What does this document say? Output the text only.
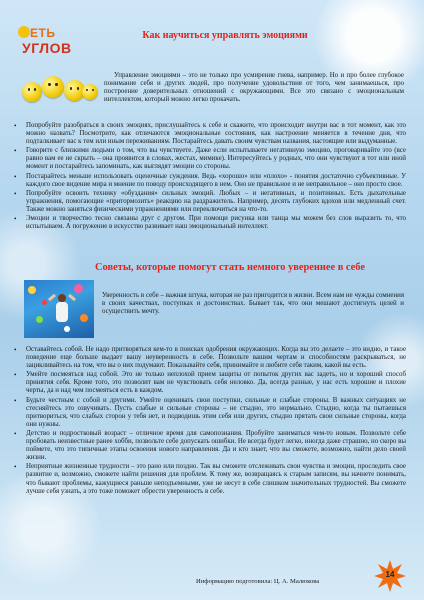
ЕТЬ
УГЛОВ
Как научиться управлять эмоциями

Управление эмоциями – это не только про усмирение гнева, например. Но и про более глубокое понимание себя и других людей, про получение удовольствия от того, чем занимаешься, про построение доверительных отношений с окружающими. Все это связано с эмоциональным интеллектом, который можно легко прокачать.

• Попробуйте разобраться в своих эмоциях, прислушайтесь к себе и скажите, что происходит внутри вас в тот момент, как это можно назвать? Посмотрите, как отличаются эмоциональные состояния, как настроение меняется в течение дня, что подталкивает вас к тем или иным переживаниям. Постарайтесь давать своим чувствам названия, настоящие или выдуманные.
• Говорите с близкими людьми о том, что вы чувствуете. Даже если испытываете негативную эмоцию, проговаривайте это (все равно вам ее не скрыть – она проявится в словах, жестах, мимике). Интересуйтесь у родных, что они чувствуют в тот или иной момент и постарайтесь запоминать, как выглядят эмоции со стороны.
• Постарайтесь меньше использовать оценочные суждения. Ведь «хорошо» или «плохо» - понятия достаточно субъективные. У каждого свое видение мира и мнение по поводу происходящего в нем. Оно не правильное и не неправильное – оно просто свое.
• Попробуйте освоить технику «обуздания» сильных эмоций. Любых – и негативных, и позитивных. Есть дыхательные упражнения, помогающие «притормозить» реакцию на раздражитель. Например, десять глубоких вдохов или медленный счет. Также можно заняться физическими упражнениями или переключиться на что-то.
• Эмоции и творчество тесно связаны друг с другом. При помощи рисунка или танца мы можем без слов выразить то, что испытываем. А погружение в искусство развивает наш эмоциональный интеллект.
Советы, которые помогут стать немного увереннее в себе

Уверенность в себе – важная штука, которая не раз пригодится в жизни. Всем нам не чужды сомнения в своих качествах, поступках и достоинствах. Бывает так, что они мешают достигнуть целей и осуществить мечту.

• Оставайтесь собой. Не надо притворяться кем-то в поисках одобрения окружающих. Когда вы это делаете – это видно, и такое поведение еще больше выдает вашу неуверенность в себе. Позвольте вашим чертам и способностям раскрываться, не зацикливайтесь на том, что вы о них подумают. Показывайте себя, принимайте и любите себя таким, какой вы есть.
• Умейте посмеяться над собой. Это не только неплохой прием защиты от попыток других вас задеть, но и хороший способ принятия себя. Кроме того, это позволит вам не чувствовать себя неловко. Да, всегда разные, у нас есть хорошие и плохие черты, да и над чем посмеяться есть в каждом.
• Будьте честным с собой и другими. Умейте оценивать свои поступки, сильные и слабые стороны. В важных ситуациях не стесняйтесь это озвучивать. Пусть слабые и сильные стороны – не стыдно, это нормально. Стыдно, когда ты пытаешься притвориться, что слабых сторон у тебя нет, и подводишь этим себя или других, стыдно прятать свои сильные стороны, когда они нужны.
• Детство и подростковый возраст – отличное время для самопознания. Пробуйте заниматься чем-то новым. Позвольте себе пробовать неизвестные ранее хобби, позвольте себе допускать ошибки. Не всегда будет легко, иногда даже страшно, но скоро вы поймете, что это типичные этапы освоения нового направления. Да и кто знает, что вы сможете, возможно, найти дело своей жизни.
• Неприятные жизненные трудности – это рано или поздно. Так вы сможете отслеживать свои чувства и эмоции, проследить свое развитие и, возможно, сможете найти решения для проблем. К тому же, возвращаясь к старым записям, вы начнете понимать, что бывают проблемы, кажущиеся раньше неподъемными, уже не несут в себе слишком значительных трудностей. Вы сможете лучше себя узнать, а это тоже поможет обрести уверенность в себе.
Информацию подготовила: Ц. А. Малюкова
14
